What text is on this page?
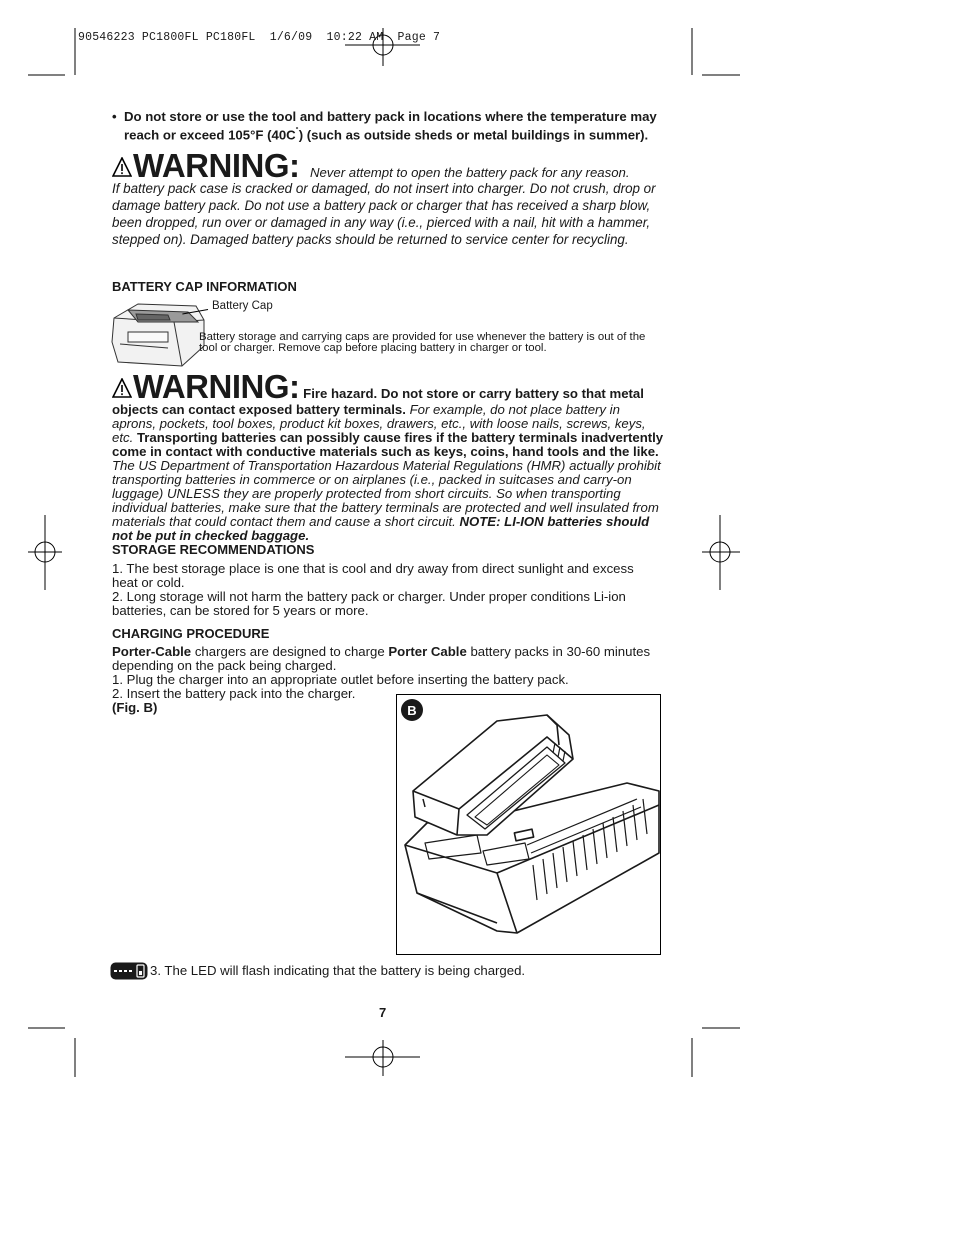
90546223 PC1800FL PC180FL  1/6/09  10:22 AM  Page 7
• Do not store or use the tool and battery pack in locations where the temperature may reach or exceed 105°F (40C˚) (such as outside sheds or metal buildings in summer).
WARNING: Never attempt to open the battery pack for any reason.
If battery pack case is cracked or damaged, do not insert into charger. Do not crush, drop or damage battery pack. Do not use a battery pack or charger that has received a sharp blow, been dropped, run over or damaged in any way (i.e., pierced with a nail, hit with a hammer, stepped on). Damaged battery packs should be returned to service center for recycling.
BATTERY CAP INFORMATION
Battery Cap
Battery storage and carrying caps are provided for use whenever the battery is out of the tool or charger. Remove cap before placing battery in charger or tool.
WARNING: Fire hazard. Do not store or carry battery so that metal objects can contact exposed battery terminals. For example, do not place battery in aprons, pockets, tool boxes, product kit boxes, drawers, etc., with loose nails, screws, keys, etc. Transporting batteries can possibly cause fires if the battery terminals inadvertently come in contact with conductive materials such as keys, coins, hand tools and the like. The US Department of Transportation Hazardous Material Regulations (HMR) actually prohibit transporting batteries in commerce or on airplanes (i.e., packed in suitcases and carry-on luggage) UNLESS they are properly protected from short circuits. So when transporting individual batteries, make sure that the battery terminals are protected and well insulated from materials that could contact them and cause a short circuit. NOTE: LI-ION batteries should not be put in checked baggage.
STORAGE RECOMMENDATIONS
1. The best storage place is one that is cool and dry away from direct sunlight and excess heat or cold.
2. Long storage will not harm the battery pack or charger. Under proper conditions Li-ion batteries, can be stored for 5 years or more.
CHARGING PROCEDURE
Porter-Cable chargers are designed to charge Porter Cable battery packs in 30-60 minutes depending on the pack being charged.
1. Plug the charger into an appropriate outlet before inserting the battery pack.
2. Insert the battery pack into the charger.
(Fig. B)	B
3. The LED will flash indicating that the battery is being charged.
7
